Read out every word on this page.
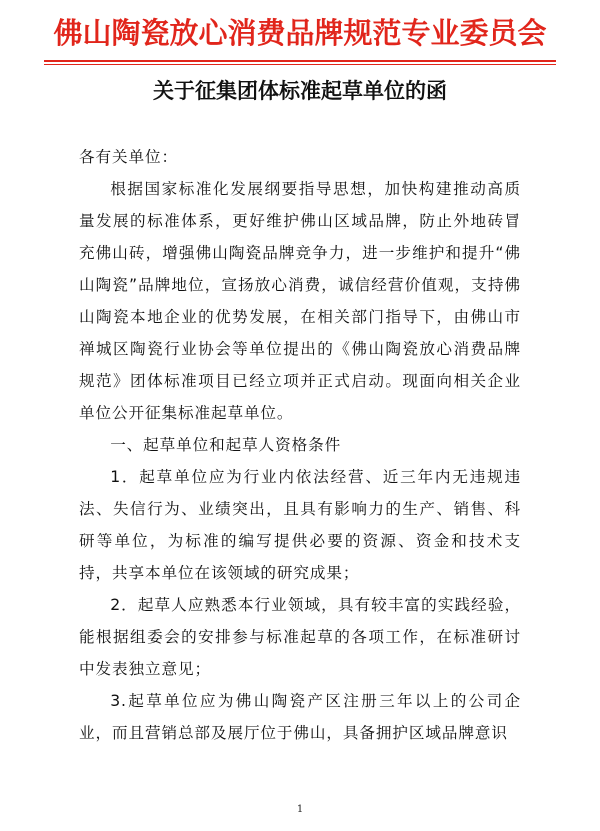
佛山陶瓷放心消费品牌规范专业委员会
关于征集团体标准起草单位的函

各有关单位：

根据国家标准化发展纲要指导思想，加快构建推动高质量发展的标准体系，更好维护佛山区域品牌，防止外地砖冒充佛山砖，增强佛山陶瓷品牌竞争力，进一步维护和提升“佛山陶瓷”品牌地位，宣扬放心消费，诚信经营价值观，支持佛山陶瓷本地企业的优势发展，在相关部门指导下，由佛山市禅城区陶瓷行业协会等单位提出的《佛山陶瓷放心消费品牌规范》团体标准项目已经立项并正式启动。现面向相关企业单位公开征集标准起草单位。

一、起草单位和起草人资格条件

1．起草单位应为行业内依法经营、近三年内无违规违法、失信行为、业绩突出，且具有影响力的生产、销售、科研等单位，为标准的编写提供必要的资源、资金和技术支持，共享本单位在该领域的研究成果；

2．起草人应熟悉本行业领域，具有较丰富的实践经验，能根据组委会的安排参与标准起草的各项工作，在标准研讨中发表独立意见；

3.起草单位应为佛山陶瓷产区注册三年以上的公司企业，而且营销总部及展厅位于佛山，具备拥护区域品牌意识

1
